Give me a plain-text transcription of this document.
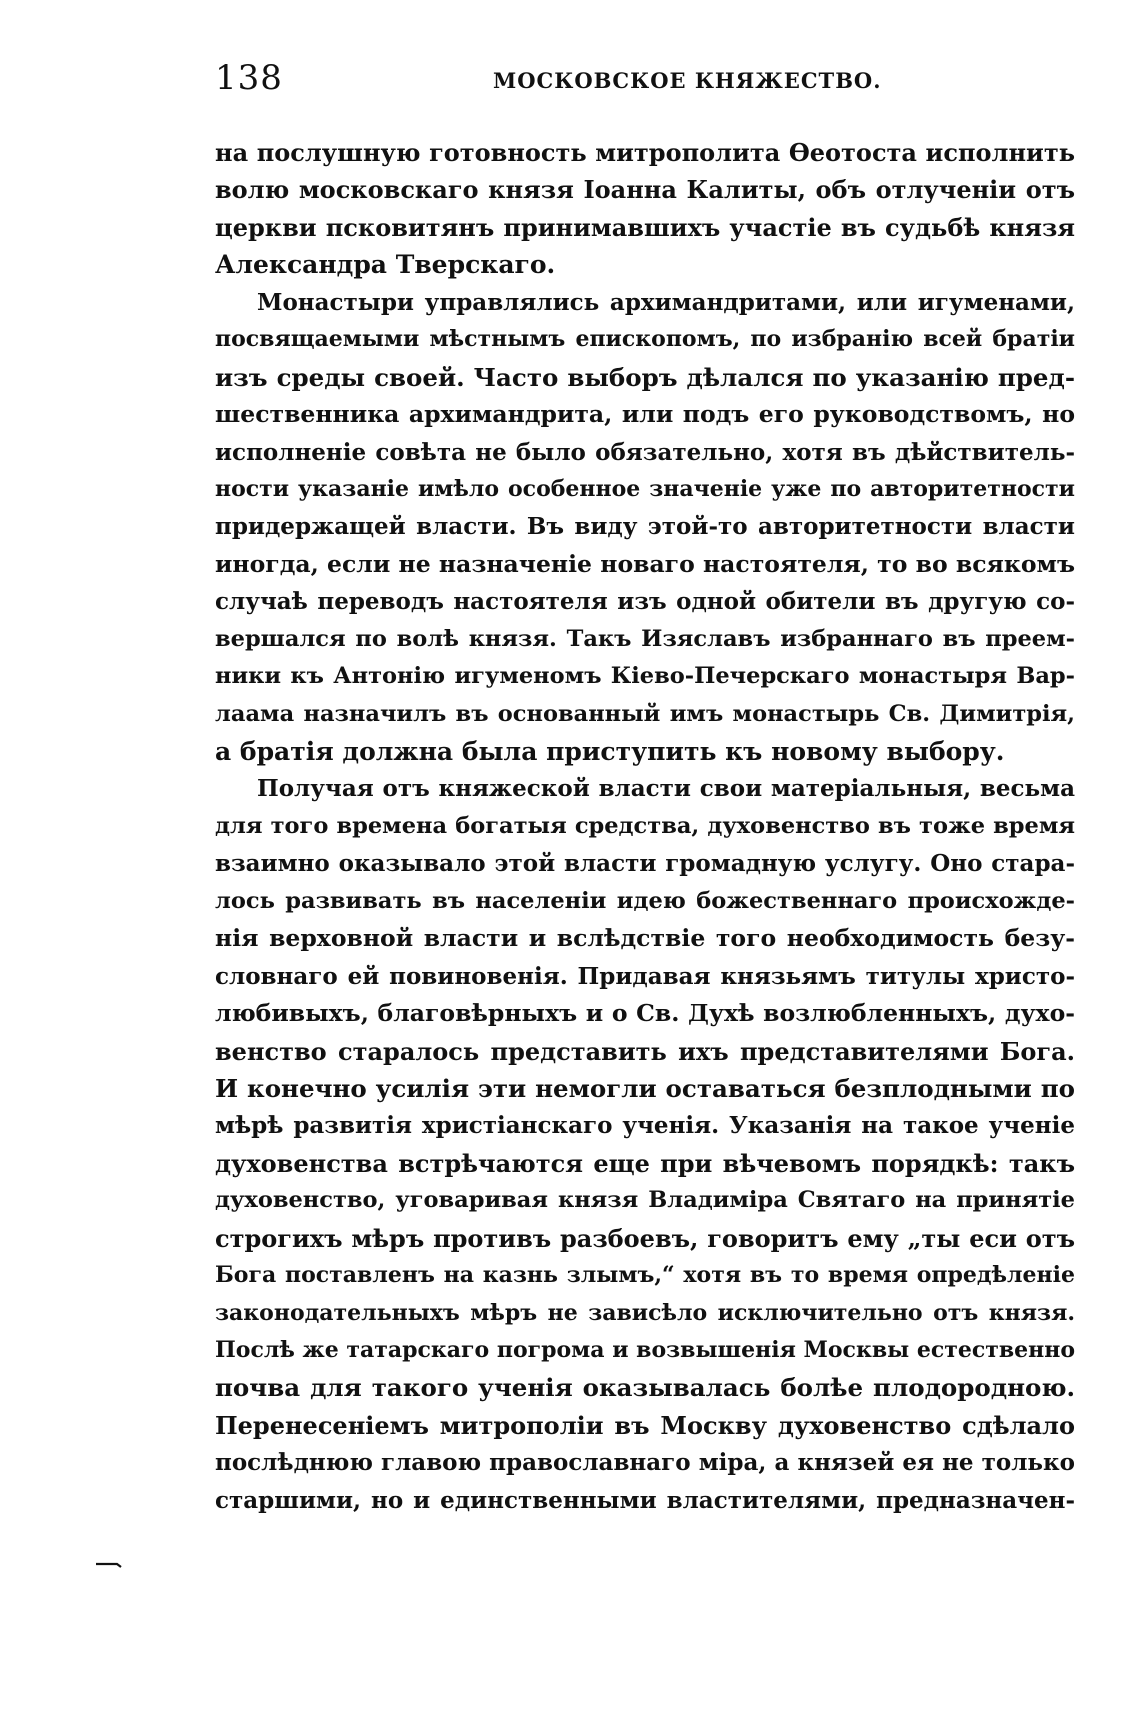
138	МОСКОВСКОЕ КНЯЖЕСТВО.
на послушную готовность митрополита Ѳеотоста исполнить
волю московскаго князя Іоанна Калиты, объ отлученіи отъ
церкви псковитянъ принимавшихъ участіе въ судьбѣ князя
Александра Тверскаго.
Монастыри управлялись архимандритами, или игуменами,
посвящаемыми мѣстнымъ епископомъ, по избранію всей братіи
изъ среды своей. Часто выборъ дѣлался по указанію пред-
шественника архимандрита, или подъ его руководствомъ, но
исполненіе совѣта не было обязательно, хотя въ дѣйствитель-
ности указаніе имѣло особенное значеніе уже по авторитетности
придержащей власти. Въ виду этой-то авторитетности власти
иногда, если не назначеніе новаго настоятеля, то во всякомъ
случаѣ переводъ настоятеля изъ одной обители въ другую со-
вершался по волѣ князя. Такъ Изяславъ избраннаго въ преем-
ники къ Антонію игуменомъ Кіево-Печерскаго монастыря Вар-
лаама назначилъ въ основанный имъ монастырь Св. Димитрія,
а братія должна была приступить къ новому выбору.
Получая отъ княжеской власти свои матеріальныя, весьма
для того времена богатыя средства, духовенство въ тоже время
взаимно оказывало этой власти громадную услугу. Оно стара-
лось развивать въ населеніи идею божественнаго происхожде-
нія верховной власти и вслѣдствіе того необходимость безу-
словнаго ей повиновенія. Придавая князьямъ титулы христо-
любивыхъ, благовѣрныхъ и о Св. Духѣ возлюбленныхъ, духо-
венство старалось представить ихъ представителями Бога.
И конечно усилія эти немогли оставаться безплодными по
мѣрѣ развитія христіанскаго ученія. Указанія на такое ученіе
духовенства встрѣчаются еще при вѣчевомъ порядкѣ: такъ
духовенство, уговаривая князя Владиміра Святаго на принятіе
строгихъ мѣръ противъ разбоевъ, говоритъ ему „ты еси отъ
Бога поставленъ на казнь злымъ,“ хотя въ то время опредѣленіе
законодательныхъ мѣръ не зависѣло исключительно отъ князя.
Послѣ же татарскаго погрома и возвышенія Москвы естественно
почва для такого ученія оказывалась болѣе плодородною.
Перенесеніемъ митрополіи въ Москву духовенство сдѣлало
послѣднюю главою православнаго міра, а князей ея не только
старшими, но и единственными властителями, предназначен-
